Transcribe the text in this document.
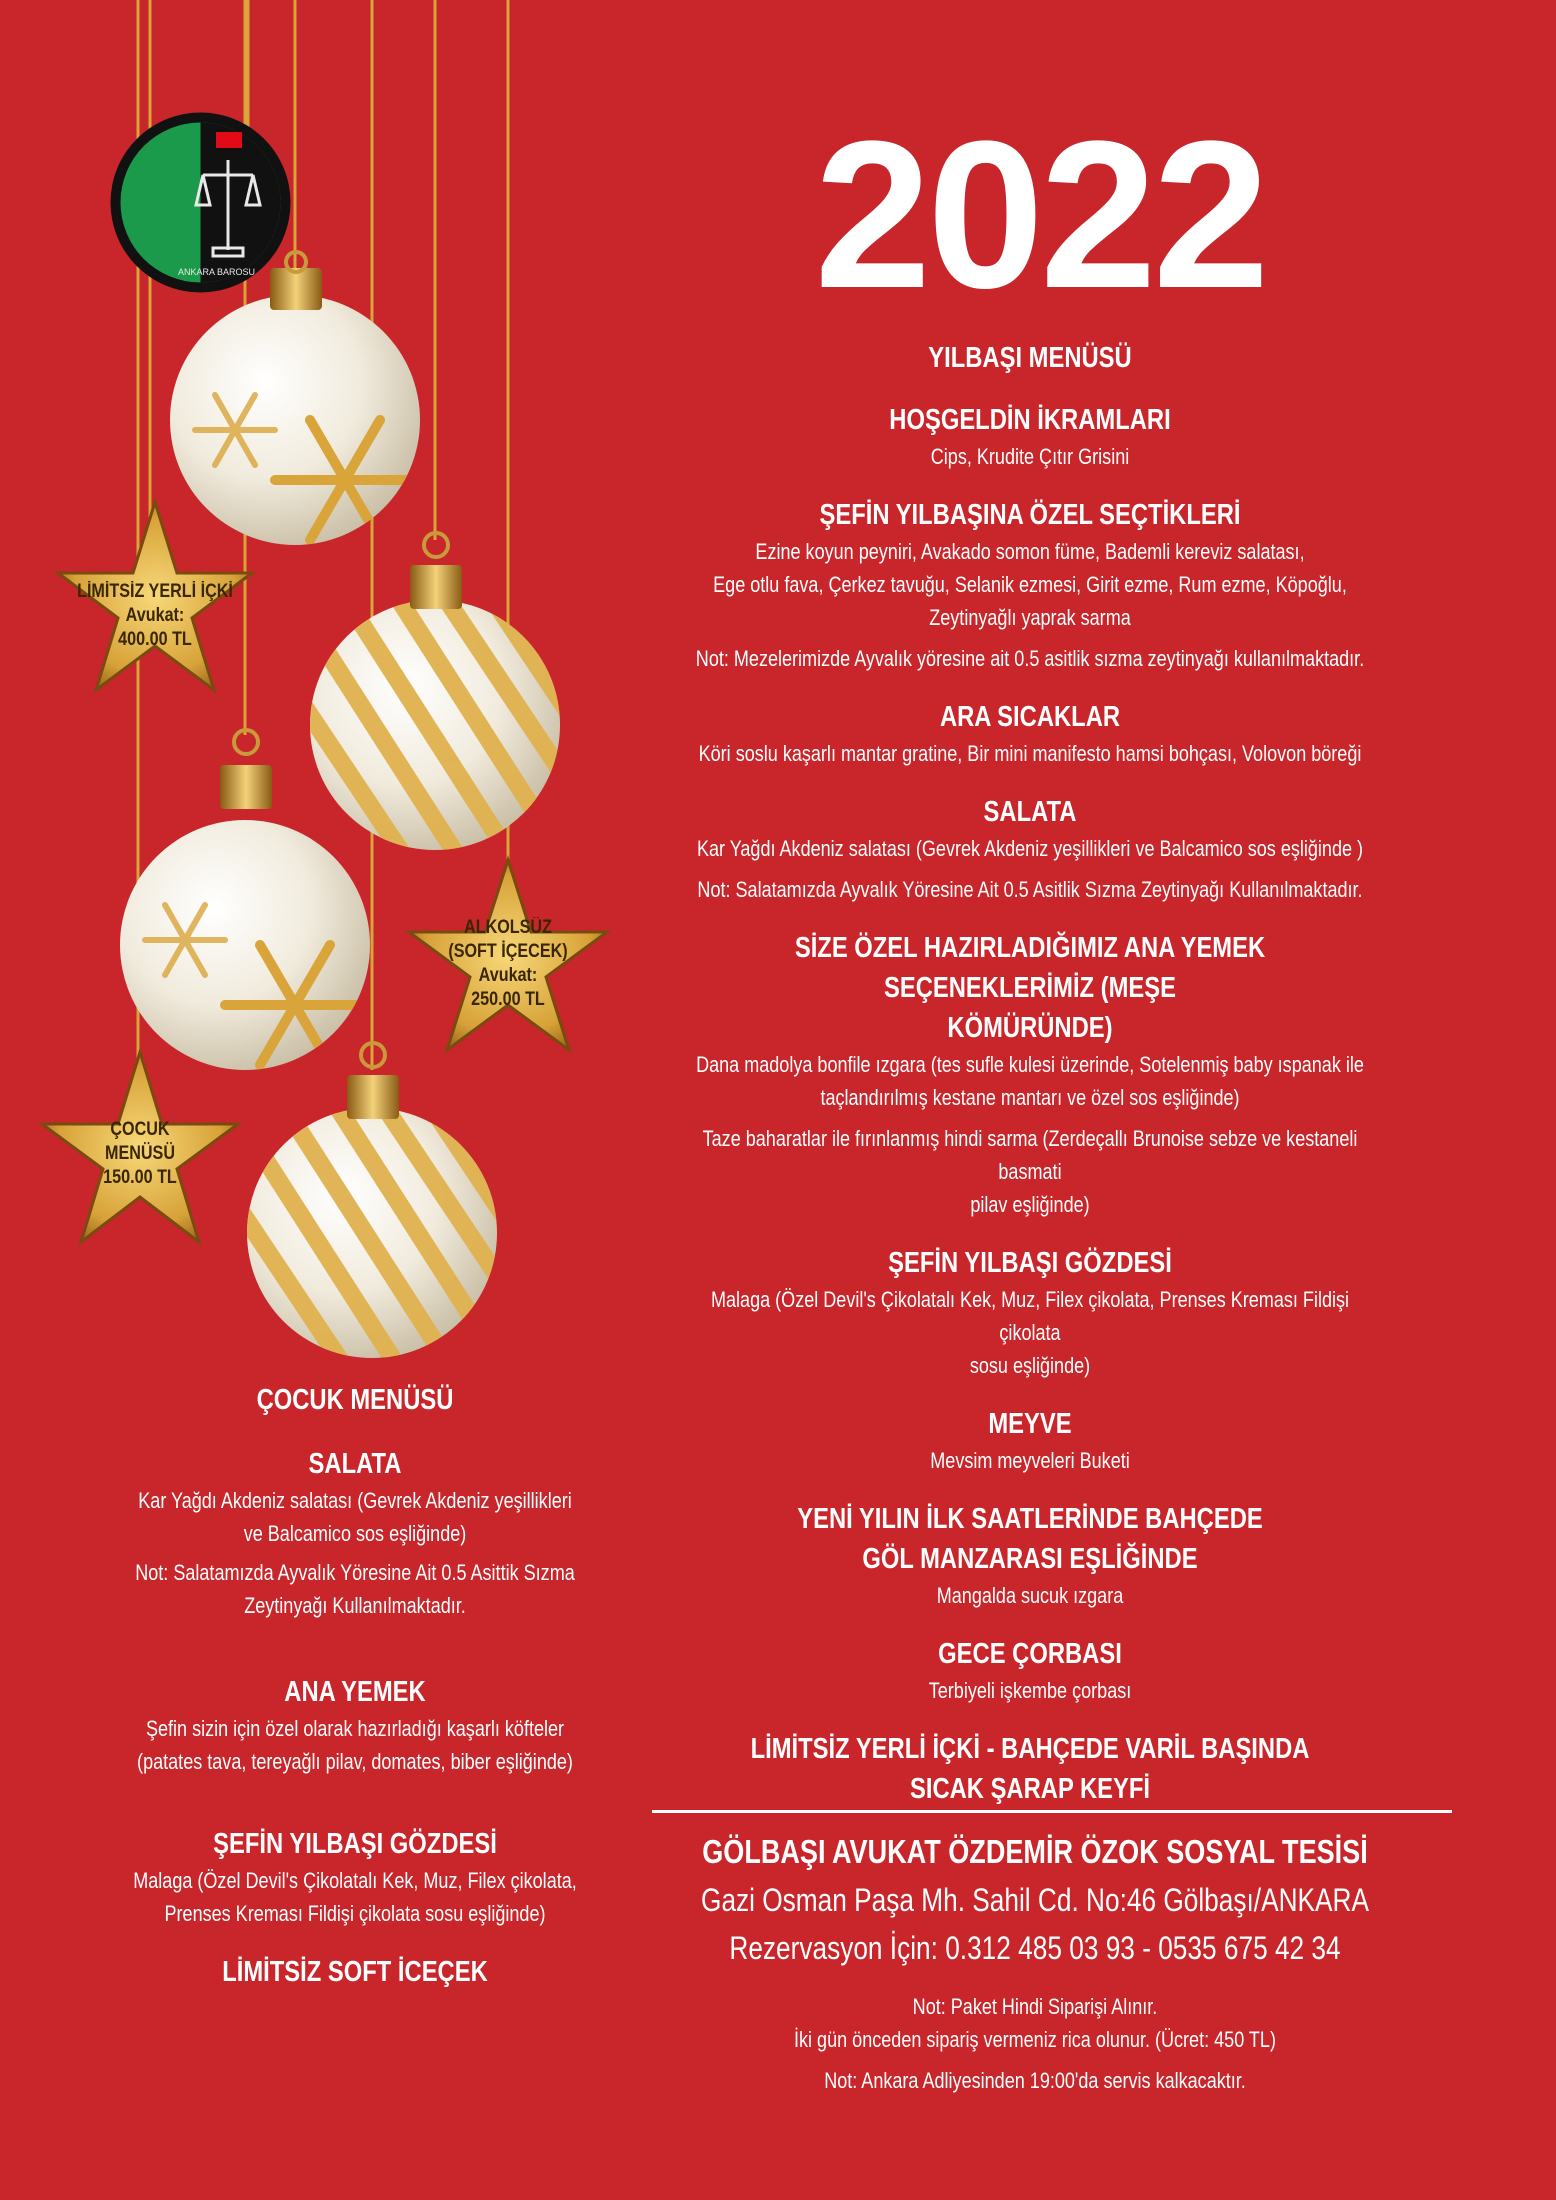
ANKARA BAROSU
LİMİTSİZ YERLİ İÇKİ
Avukat:
400.00 TL
ALKOLSÜZ
(SOFT İÇECEK)
Avukat:
250.00 TL
ÇOCUK
MENÜSÜ
150.00 TL
2022
YILBAŞI MENÜSÜ
HOŞGELDİN İKRAMLARI
Cips, Krudite Çıtır Grisini
ŞEFİN YILBAŞINA ÖZEL SEÇTİKLERİ
Ezine koyun peyniri, Avakado somon füme, Bademli kereviz salatası,
Ege otlu fava, Çerkez tavuğu, Selanik ezmesi, Girit ezme, Rum ezme, Köpoğlu,
Zeytinyağlı yaprak sarma
Not: Mezelerimizde Ayvalık yöresine ait 0.5 asitlik sızma zeytinyağı kullanılmaktadır.
ARA SICAKLAR
Köri soslu kaşarlı mantar gratine, Bir mini manifesto hamsi bohçası, Volovon böreği
SALATA
Kar Yağdı Akdeniz salatası (Gevrek Akdeniz yeşillikleri ve Balcamico sos eşliğinde )
Not: Salatamızda Ayvalık Yöresine Ait 0.5 Asitlik Sızma Zeytinyağı Kullanılmaktadır.
SİZE ÖZEL HAZIRLADIĞIMIZ ANA YEMEK SEÇENEKLERİMİZ (MEŞE
KÖMÜRÜNDE)
Dana madolya bonfile ızgara (tes sufle kulesi üzerinde, Sotelenmiş baby ıspanak ile
taçlandırılmış kestane mantarı ve özel sos eşliğinde)
Taze baharatlar ile fırınlanmış hindi sarma (Zerdeçallı Brunoise sebze ve kestaneli basmati
pilav eşliğinde)
ŞEFİN YILBAŞI GÖZDESİ
Malaga (Özel Devil's Çikolatalı Kek, Muz, Filex çikolata, Prenses Kreması Fildişi çikolata
sosu eşliğinde)
MEYVE
Mevsim meyveleri Buketi
YENİ YILIN İLK SAATLERİNDE BAHÇEDE
GÖL MANZARASI EŞLİĞİNDE
Mangalda sucuk ızgara
GECE ÇORBASI
Terbiyeli işkembe çorbası
LİMİTSİZ YERLİ İÇKİ - BAHÇEDE VARİL BAŞINDA
SICAK ŞARAP KEYFİ
ÇOCUK MENÜSÜ
SALATA
Kar Yağdı Akdeniz salatası (Gevrek Akdeniz yeşillikleri
ve Balcamico sos eşliğinde)
Not: Salatamızda Ayvalık Yöresine Ait 0.5 Asittik Sızma
Zeytinyağı Kullanılmaktadır.
ANA YEMEK
Şefin sizin için özel olarak hazırladığı kaşarlı köfteler
(patates tava, tereyağlı pilav, domates, biber eşliğinde)
ŞEFİN YILBAŞI GÖZDESİ
Malaga (Özel Devil's Çikolatalı Kek, Muz, Filex çikolata,
Prenses Kreması Fildişi çikolata sosu eşliğinde)
LİMİTSİZ SOFT İCEÇEK
GÖLBAŞI AVUKAT ÖZDEMİR ÖZOK SOSYAL TESİSİ
Gazi Osman Paşa Mh. Sahil Cd. No:46 Gölbaşı/ANKARA
Rezervasyon İçin: 0.312 485 03 93 - 0535 675 42 34
Not: Paket Hindi Siparişi Alınır.
İki gün önceden sipariş vermeniz rica olunur. (Ücret: 450 TL)
Not: Ankara Adliyesinden 19:00'da servis kalkacaktır.
